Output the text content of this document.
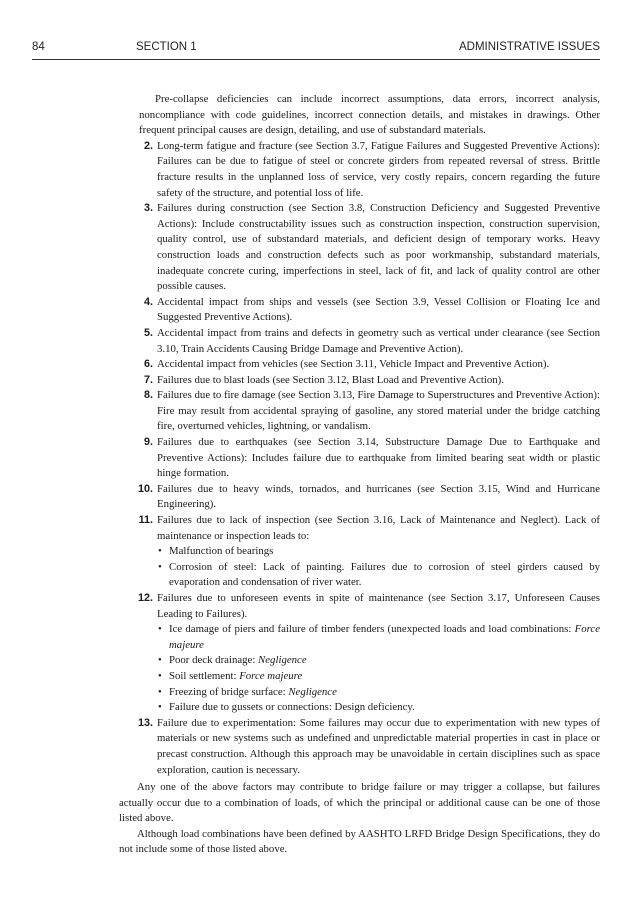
84	SECTION 1	ADMINISTRATIVE ISSUES

Pre-collapse deficiencies can include incorrect assumptions, data errors, incorrect analysis, noncompliance with code guidelines, incorrect connection details, and mistakes in drawings. Other frequent principal causes are design, detailing, and use of substandard materials.

2. Long-term fatigue and fracture (see Section 3.7, Fatigue Failures and Suggested Preventive Actions): Failures can be due to fatigue of steel or concrete girders from repeated reversal of stress. Brittle fracture results in the unplanned loss of service, very costly repairs, concern regarding the future safety of the structure, and potential loss of life.
3. Failures during construction (see Section 3.8, Construction Deficiency and Suggested Preventive Actions): Include constructability issues such as construction inspection, construction supervision, quality control, use of substandard materials, and deficient design of temporary works. Heavy construction loads and construction defects such as poor workmanship, substandard materials, inadequate concrete curing, imperfections in steel, lack of fit, and lack of quality control are other possible causes.
4. Accidental impact from ships and vessels (see Section 3.9, Vessel Collision or Floating Ice and Suggested Preventive Actions).
5. Accidental impact from trains and defects in geometry such as vertical under clearance (see Section 3.10, Train Accidents Causing Bridge Damage and Preventive Action).
6. Accidental impact from vehicles (see Section 3.11, Vehicle Impact and Preventive Action).
7. Failures due to blast loads (see Section 3.12, Blast Load and Preventive Action).
8. Failures due to fire damage (see Section 3.13, Fire Damage to Superstructures and Preventive Action): Fire may result from accidental spraying of gasoline, any stored material under the bridge catching fire, overturned vehicles, lightning, or vandalism.
9. Failures due to earthquakes (see Section 3.14, Substructure Damage Due to Earthquake and Preventive Actions): Includes failure due to earthquake from limited bearing seat width or plastic hinge formation.
10. Failures due to heavy winds, tornados, and hurricanes (see Section 3.15, Wind and Hurricane Engineering).
11. Failures due to lack of inspection (see Section 3.16, Lack of Maintenance and Neglect). Lack of maintenance or inspection leads to:
• Malfunction of bearings
• Corrosion of steel: Lack of painting. Failures due to corrosion of steel girders caused by evaporation and condensation of river water.
12. Failures due to unforeseen events in spite of maintenance (see Section 3.17, Unforeseen Causes Leading to Failures).
• Ice damage of piers and failure of timber fenders (unexpected loads and load combinations: Force majeure
• Poor deck drainage: Negligence
• Soil settlement: Force majeure
• Freezing of bridge surface: Negligence
• Failure due to gussets or connections: Design deficiency.
13. Failure due to experimentation: Some failures may occur due to experimentation with new types of materials or new systems such as undefined and unpredictable material properties in cast in place or precast construction. Although this approach may be unavoidable in certain disciplines such as space exploration, caution is necessary.

Any one of the above factors may contribute to bridge failure or may trigger a collapse, but failures actually occur due to a combination of loads, of which the principal or additional cause can be one of those listed above.

Although load combinations have been defined by AASHTO LRFD Bridge Design Specifications, they do not include some of those listed above.
